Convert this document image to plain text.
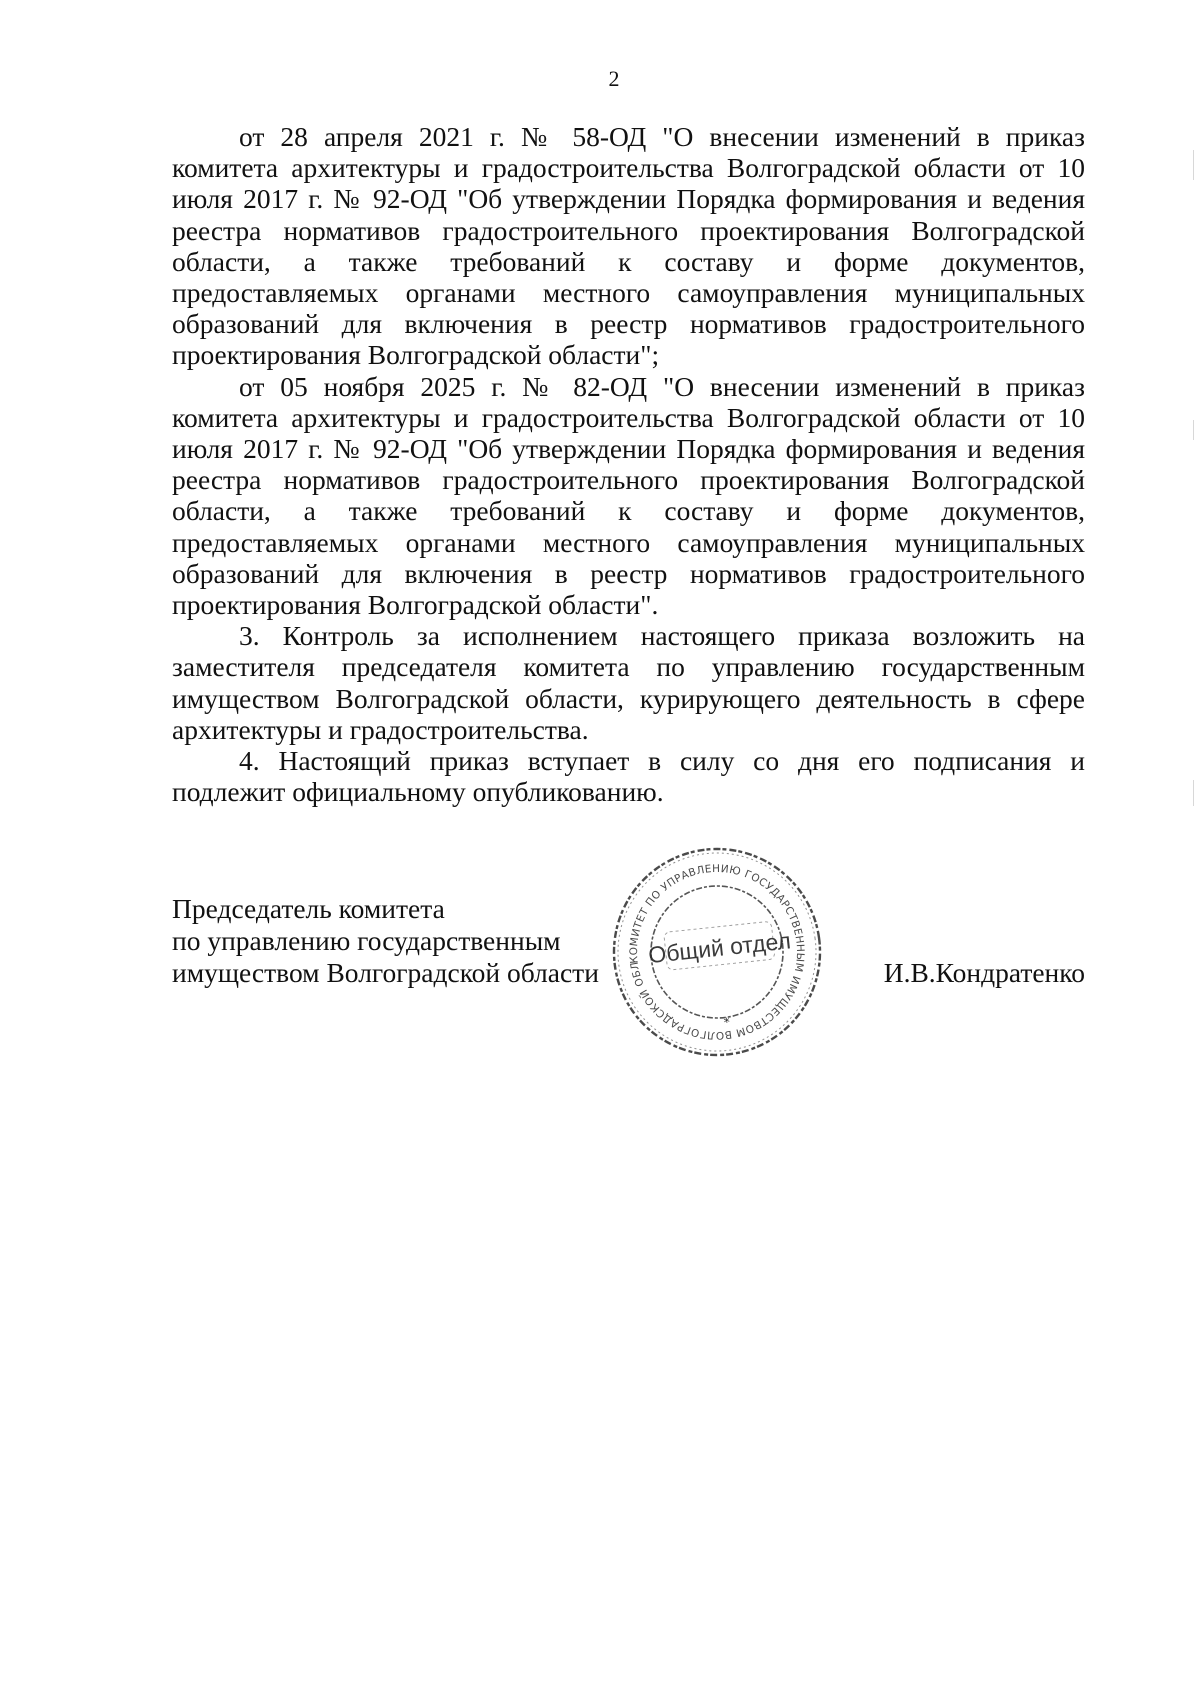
2

от 28 апреля 2021 г. № 58-ОД "О внесении изменений в приказ комитета архитектуры и градостроительства Волгоградской области от 10 июля 2017 г. № 92-ОД "Об утверждении Порядка формирования и ведения реестра нормативов градостроительного проектирования Волгоградской области, а также требований к составу и форме документов, предоставляемых органами местного самоуправления муниципальных образований для включения в реестр нормативов градостроительного проектирования Волгоградской области";

от 05 ноября 2025 г. № 82-ОД "О внесении изменений в приказ комитета архитектуры и градостроительства Волгоградской области от 10 июля 2017 г. № 92-ОД "Об утверждении Порядка формирования и ведения реестра нормативов градостроительного проектирования Волгоградской области, а также требований к составу и форме документов, предоставляемых органами местного самоуправления муниципальных образований для включения в реестр нормативов градостроительного проектирования Волгоградской области".

3. Контроль за исполнением настоящего приказа возложить на заместителя председателя комитета по управлению государственным имуществом Волгоградской области, курирующего деятельность в сфере архитектуры и градостроительства.

4. Настоящий приказ вступает в силу со дня его подписания и подлежит официальному опубликованию.

Председатель комитета
по управлению государственным
имуществом Волгоградской области	И.В.Кондратенко
КОМИТЕТ ПО УПРАВЛЕНИЮ ГОСУДАРСТВЕННЫМ ИМУЩЕСТВОМ ВОЛГОГРАДСКОЙ ОБЛАСТИ
*
Общий отдел
